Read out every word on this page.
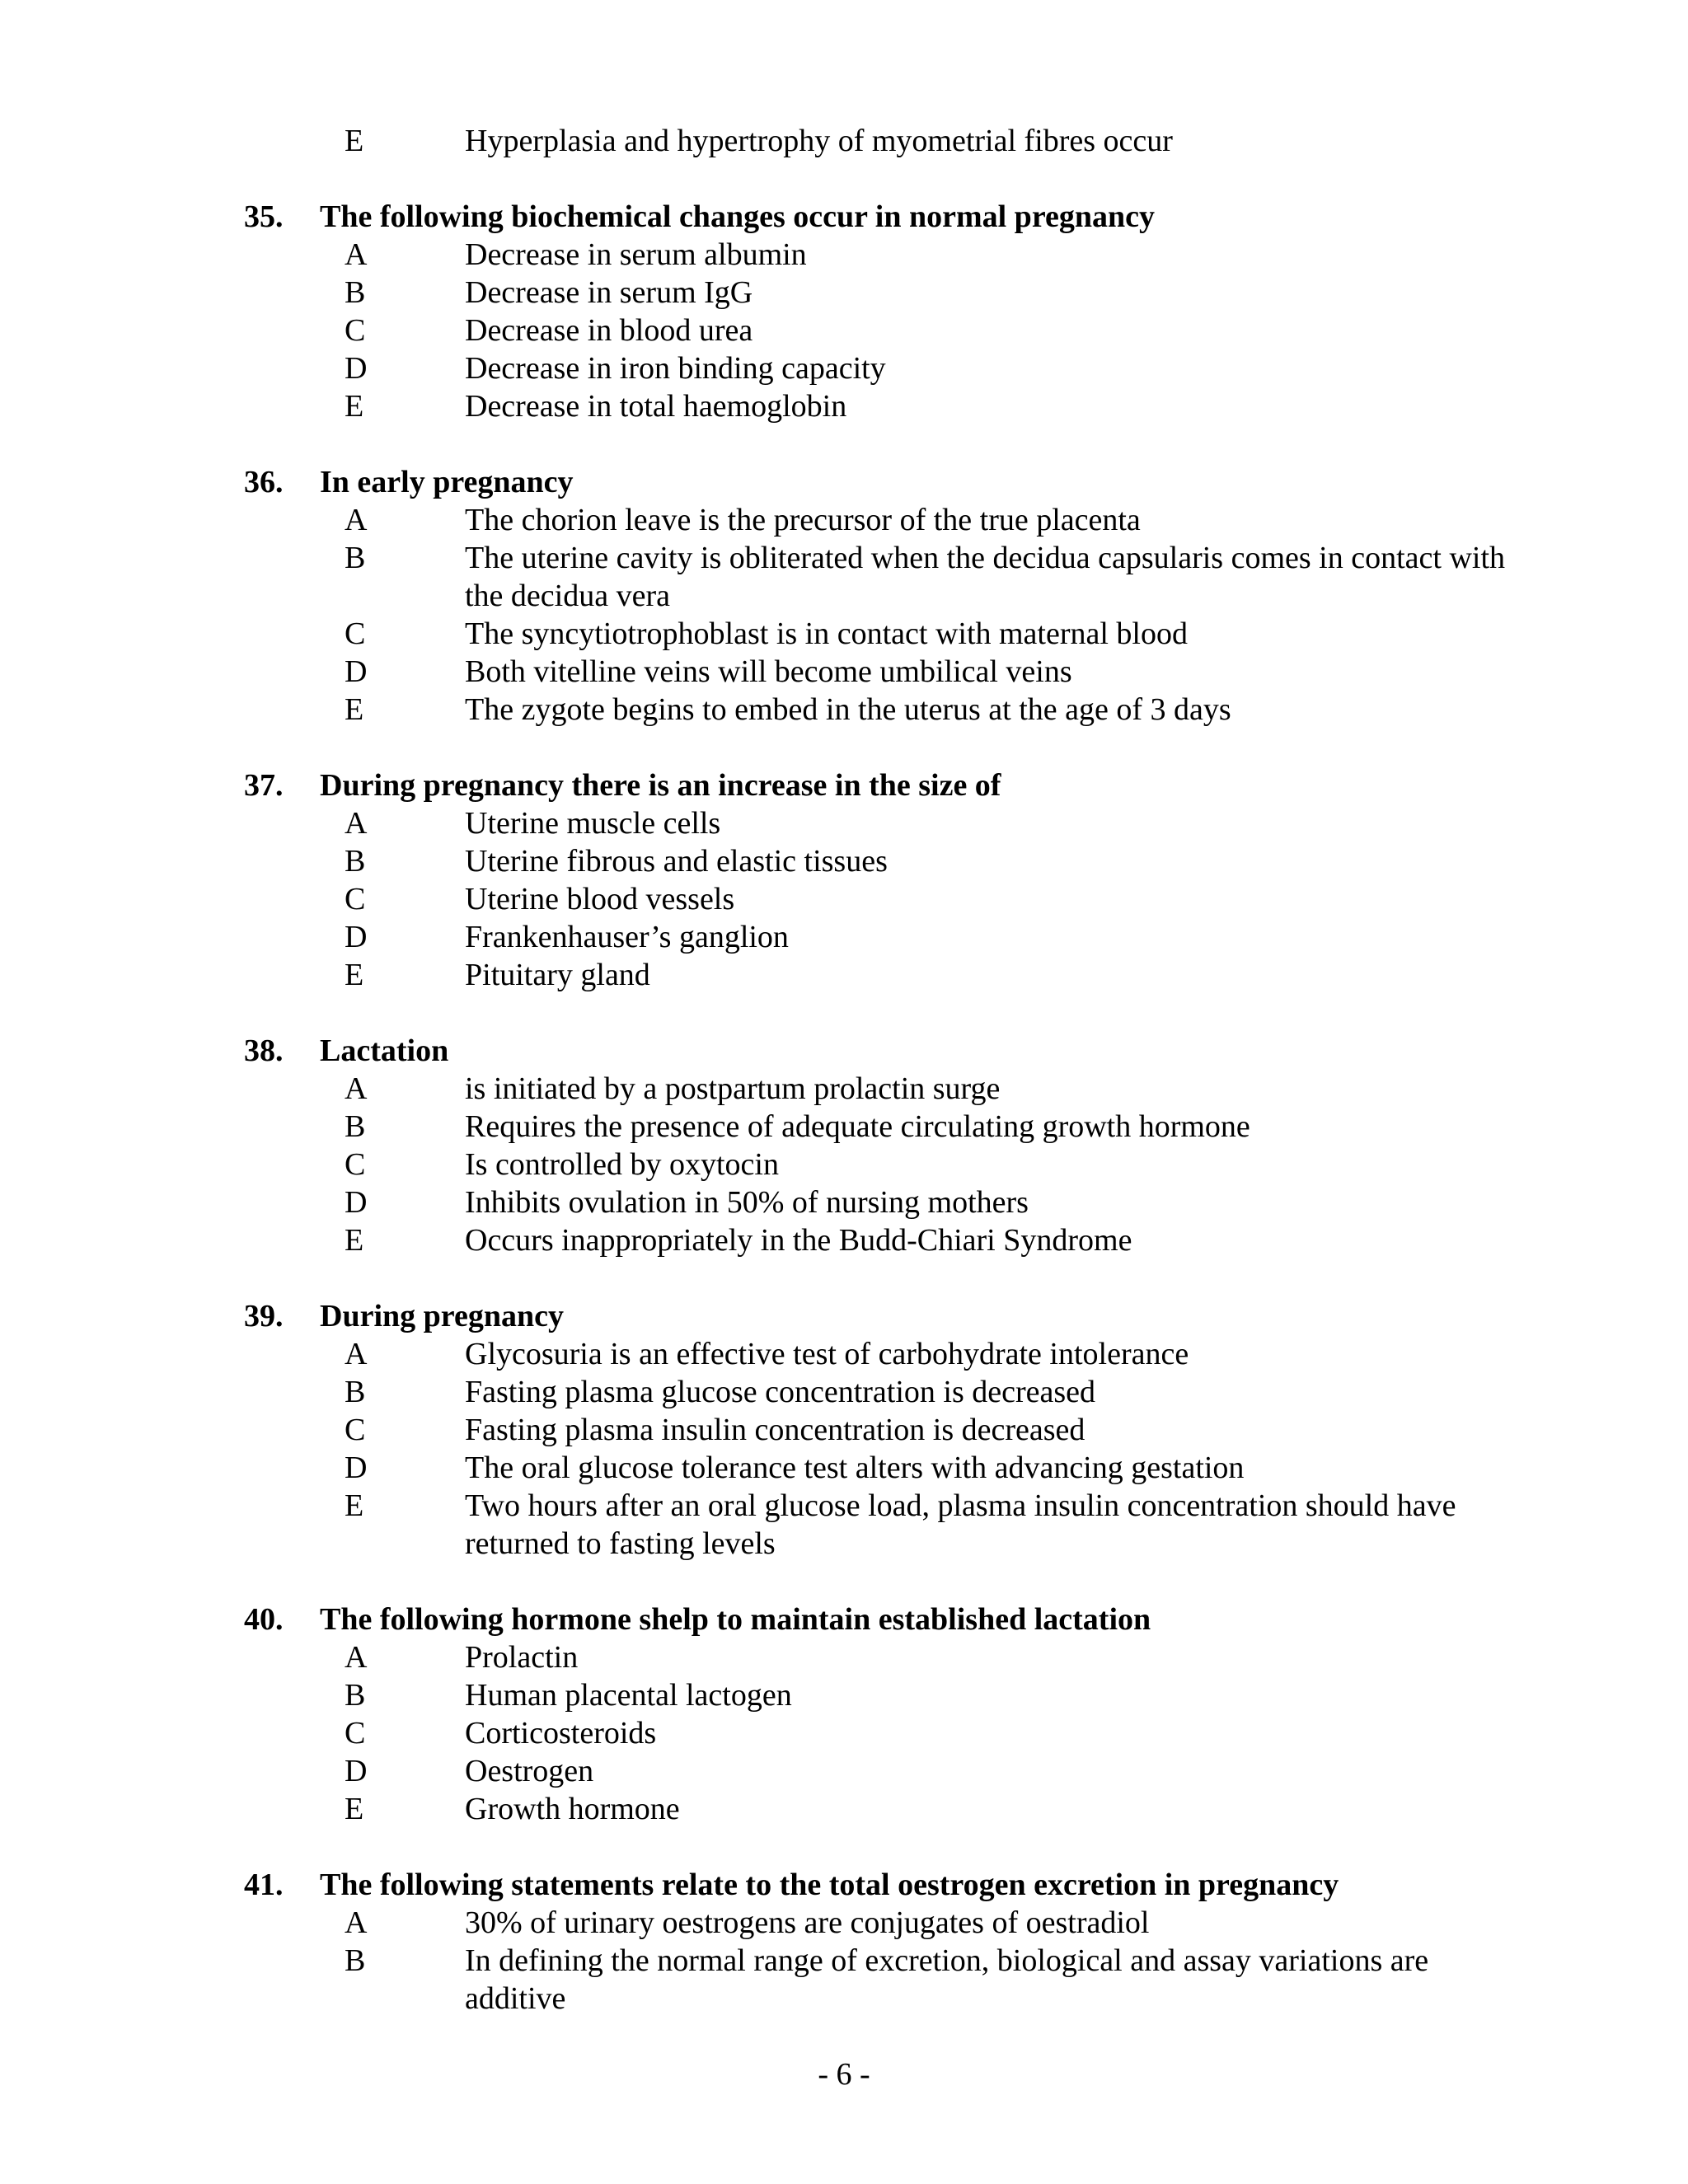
E	Hyperplasia and hypertrophy of myometrial fibres occur
35.	The following biochemical changes occur in normal pregnancy
A	Decrease in serum albumin
B	Decrease in serum IgG
C	Decrease in blood urea
D	Decrease in iron binding capacity
E	Decrease in total haemoglobin
36.	In early pregnancy
A	The chorion leave is the precursor of the true placenta
B	The uterine cavity is obliterated when the decidua capsularis comes in contact with the decidua vera
C	The syncytiotrophoblast is in contact with maternal blood
D	Both vitelline veins will become umbilical veins
E	The zygote begins to embed in the uterus at the age of 3 days
37.	During pregnancy there is an increase in the size of
A	Uterine muscle cells
B	Uterine fibrous and elastic tissues
C	Uterine blood vessels
D	Frankenhauser’s ganglion
E	Pituitary gland
38.	Lactation
A	is initiated by a postpartum prolactin surge
B	Requires the presence of adequate circulating growth hormone
C	Is controlled by oxytocin
D	Inhibits ovulation in 50% of nursing mothers
E	Occurs inappropriately in the Budd-Chiari Syndrome
39.	During pregnancy
A	Glycosuria is an effective test of carbohydrate intolerance
B	Fasting plasma glucose concentration is decreased
C	Fasting plasma insulin concentration is decreased
D	The oral glucose tolerance test alters with advancing gestation
E	Two hours after an oral glucose load, plasma insulin concentration should have returned to fasting levels
40.	The following hormone shelp to maintain established lactation
A	Prolactin
B	Human placental lactogen
C	Corticosteroids
D	Oestrogen
E	Growth hormone
41.	The following statements relate to the total oestrogen excretion in pregnancy
A	30% of urinary oestrogens are conjugates of oestradiol
B	In defining the normal range of excretion, biological and assay variations are additive
- 6 -
